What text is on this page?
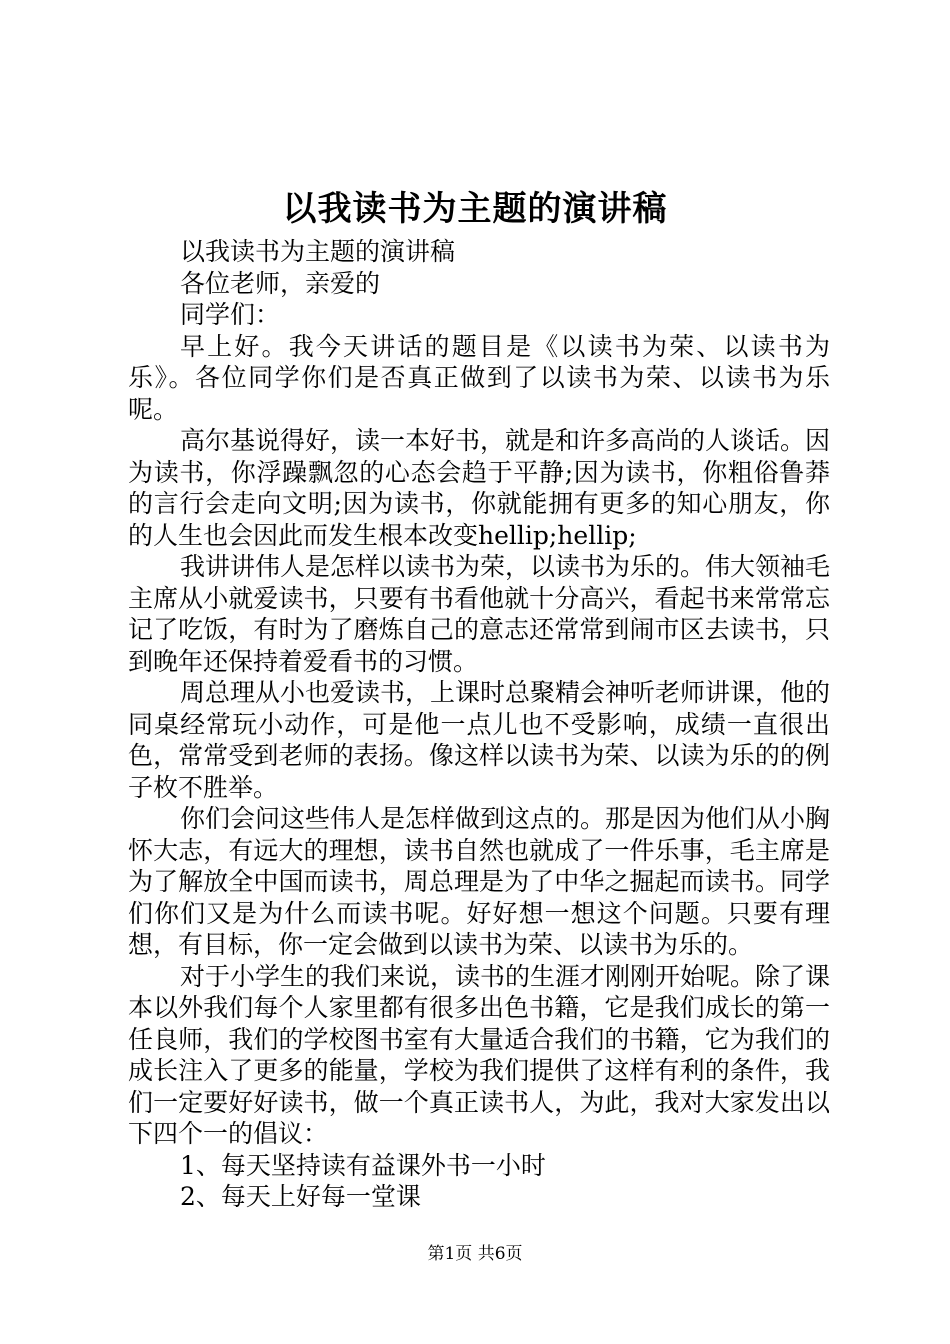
以我读书为主题的演讲稿

以我读书为主题的演讲稿

各位老师，亲爱的

同学们：

早上好。我今天讲话的题目是《以读书为荣、以读书为乐》。各位同学你们是否真正做到了以读书为荣、以读书为乐呢。

高尔基说得好，读一本好书，就是和许多高尚的人谈话。因为读书，你浮躁飘忽的心态会趋于平静;因为读书，你粗俗鲁莽的言行会走向文明;因为读书，你就能拥有更多的知心朋友，你的人生也会因此而发生根本改变hellip;hellip;

我讲讲伟人是怎样以读书为荣，以读书为乐的。伟大领袖毛主席从小就爱读书，只要有书看他就十分高兴，看起书来常常忘记了吃饭，有时为了磨炼自己的意志还常常到闹市区去读书，只到晚年还保持着爱看书的习惯。

周总理从小也爱读书，上课时总聚精会神听老师讲课，他的同桌经常玩小动作，可是他一点儿也不受影响，成绩一直很出色，常常受到老师的表扬。像这样以读书为荣、以读为乐的的例子枚不胜举。

你们会问这些伟人是怎样做到这点的。那是因为他们从小胸怀大志，有远大的理想，读书自然也就成了一件乐事，毛主席是为了解放全中国而读书，周总理是为了中华之掘起而读书。同学们你们又是为什么而读书呢。好好想一想这个问题。只要有理想，有目标，你一定会做到以读书为荣、以读书为乐的。

对于小学生的我们来说，读书的生涯才刚刚开始呢。除了课本以外我们每个人家里都有很多出色书籍，它是我们成长的第一任良师，我们的学校图书室有大量适合我们的书籍，它为我们的成长注入了更多的能量，学校为我们提供了这样有利的条件，我们一定要好好读书，做一个真正读书人，为此，我对大家发出以下四个一的倡议：

1、每天坚持读有益课外书一小时

2、每天上好每一堂课

第1页 共6页
